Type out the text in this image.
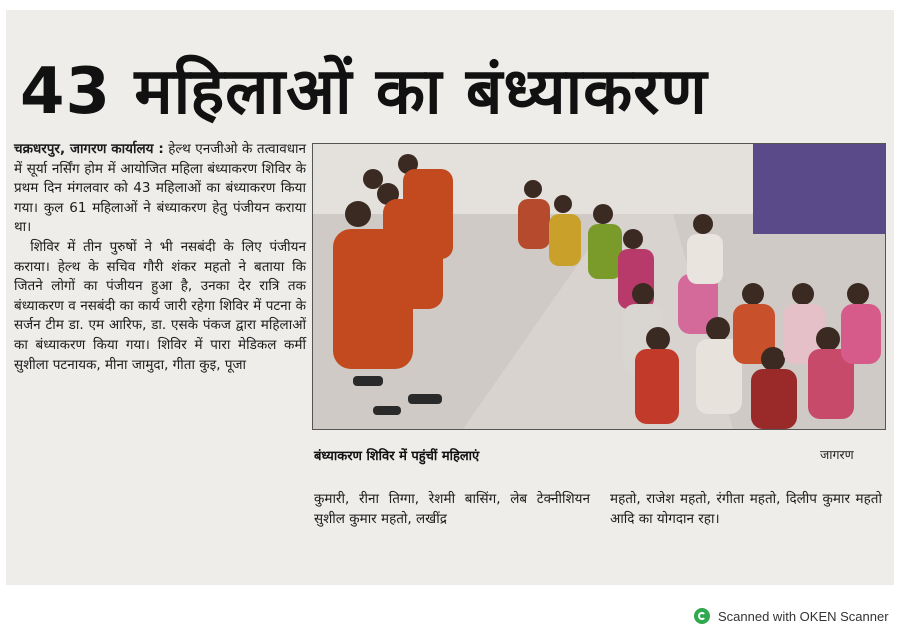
43 महिलाओं का बंध्याकरण

चक्रधरपुर, जागरण कार्यालय : हेल्थ एनजीओ के तत्वावधान में सूर्या नर्सिंग होम में आयोजित महिला बंध्याकरण शिविर के प्रथम दिन मंगलवार को 43 महिलाओं का बंध्याकरण किया गया। कुल 61 महिलाओं ने बंध्याकरण हेतु पंजीयन कराया था।

शिविर में तीन पुरुषों ने भी नसबंदी के लिए पंजीयन कराया। हेल्थ के सचिव गौरी शंकर महतो ने बताया कि जितने लोगों का पंजीयन हुआ है, उनका देर रात्रि तक बंध्याकरण व नसबंदी का कार्य जारी रहेगा शिविर में पटना के सर्जन टीम डा. एम आरिफ, डा. एसके पंकज द्वारा महिलाओं का बंध्याकरण किया गया। शिविर में पारा मेडिकल कर्मी सुशीला पटनायक, मीना जामुदा, गीता कुइ, पूजा

बंध्याकरण शिविर में पहुंचीं महिलाएं	जागरण
कुमारी, रीना तिग्गा, रेशमी बासिंग, लेब टेक्नीशियन सुशील कुमार महतो, लखींद्र
महतो, राजेश महतो, रंगीता महतो, दिलीप कुमार महतो आदि का योगदान रहा।
Scanned with OKEN Scanner
